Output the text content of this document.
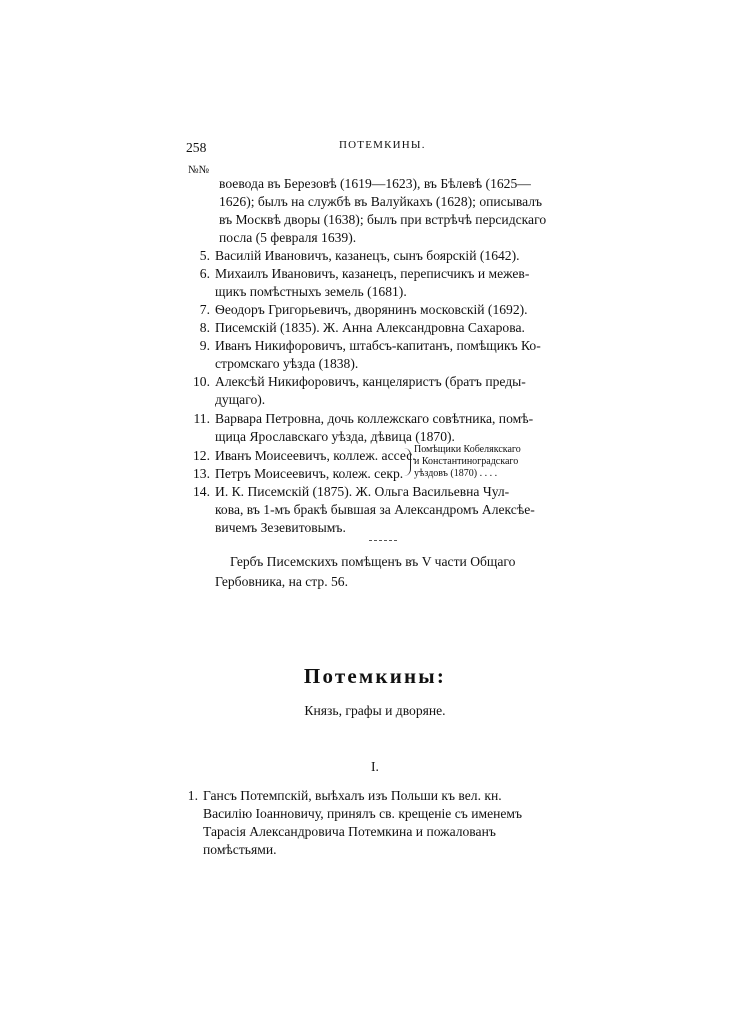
258	ПОТЕМКИНЫ.
№№
воевода въ Березовѣ (1619—1623), въ Бѣлевѣ (1625—
1626); былъ на службѣ въ Валуйкахъ (1628); описывалъ
въ Москвѣ дворы (1638); былъ при встрѣчѣ персидскаго
посла (5 февраля 1639).
5. Василій Ивановичъ, казанецъ, сынъ боярскій (1642).
6. Михаилъ Ивановичъ, казанецъ, переписчикъ и межев-
щикъ помѣстныхъ земель (1681).
7. Ѳеодоръ Григорьевичъ, дворянинъ московскій (1692).
8. Писемскій (1835). Ж. Анна Александровна Сахарова.
9. Иванъ Никифоровичъ, штабсъ-капитанъ, помѣщикъ Ко-
стромскаго уѣзда (1838).
10. Алексѣй Никифоровичъ, канцеляристъ (братъ преды-
дущаго).
11. Варвара Петровна, дочь коллежскаго совѣтника, помѣ-
щица Ярославскаго уѣзда, дѣвица (1870).
12. Иванъ Моисеевичъ, коллеж. ассес.
13. Петръ Моисеевичъ, колеж. секр.
Помѣщики Кобелякскаго
и Константиноградскаго
уѣздовъ (1870) . . . .
14. И. К. Писемскій (1875). Ж. Ольга Васильевна Чул-
кова, въ 1-мъ бракѣ бывшая за Александромъ Алексѣе-
вичемъ Зезевитовымъ.
Гербъ Писемскихъ помѣщенъ въ V части Общаго
Гербовника, на стр. 56.
Потемкины:
Князь, графы и дворяне.
I.
1. Гансъ Потемпскій, выѣхалъ изъ Польши къ вел. кн.
Василію Іоанновичу, принялъ св. крещеніе съ именемъ
Тарасія Александровича Потемкина и пожалованъ
помѣстьями.
